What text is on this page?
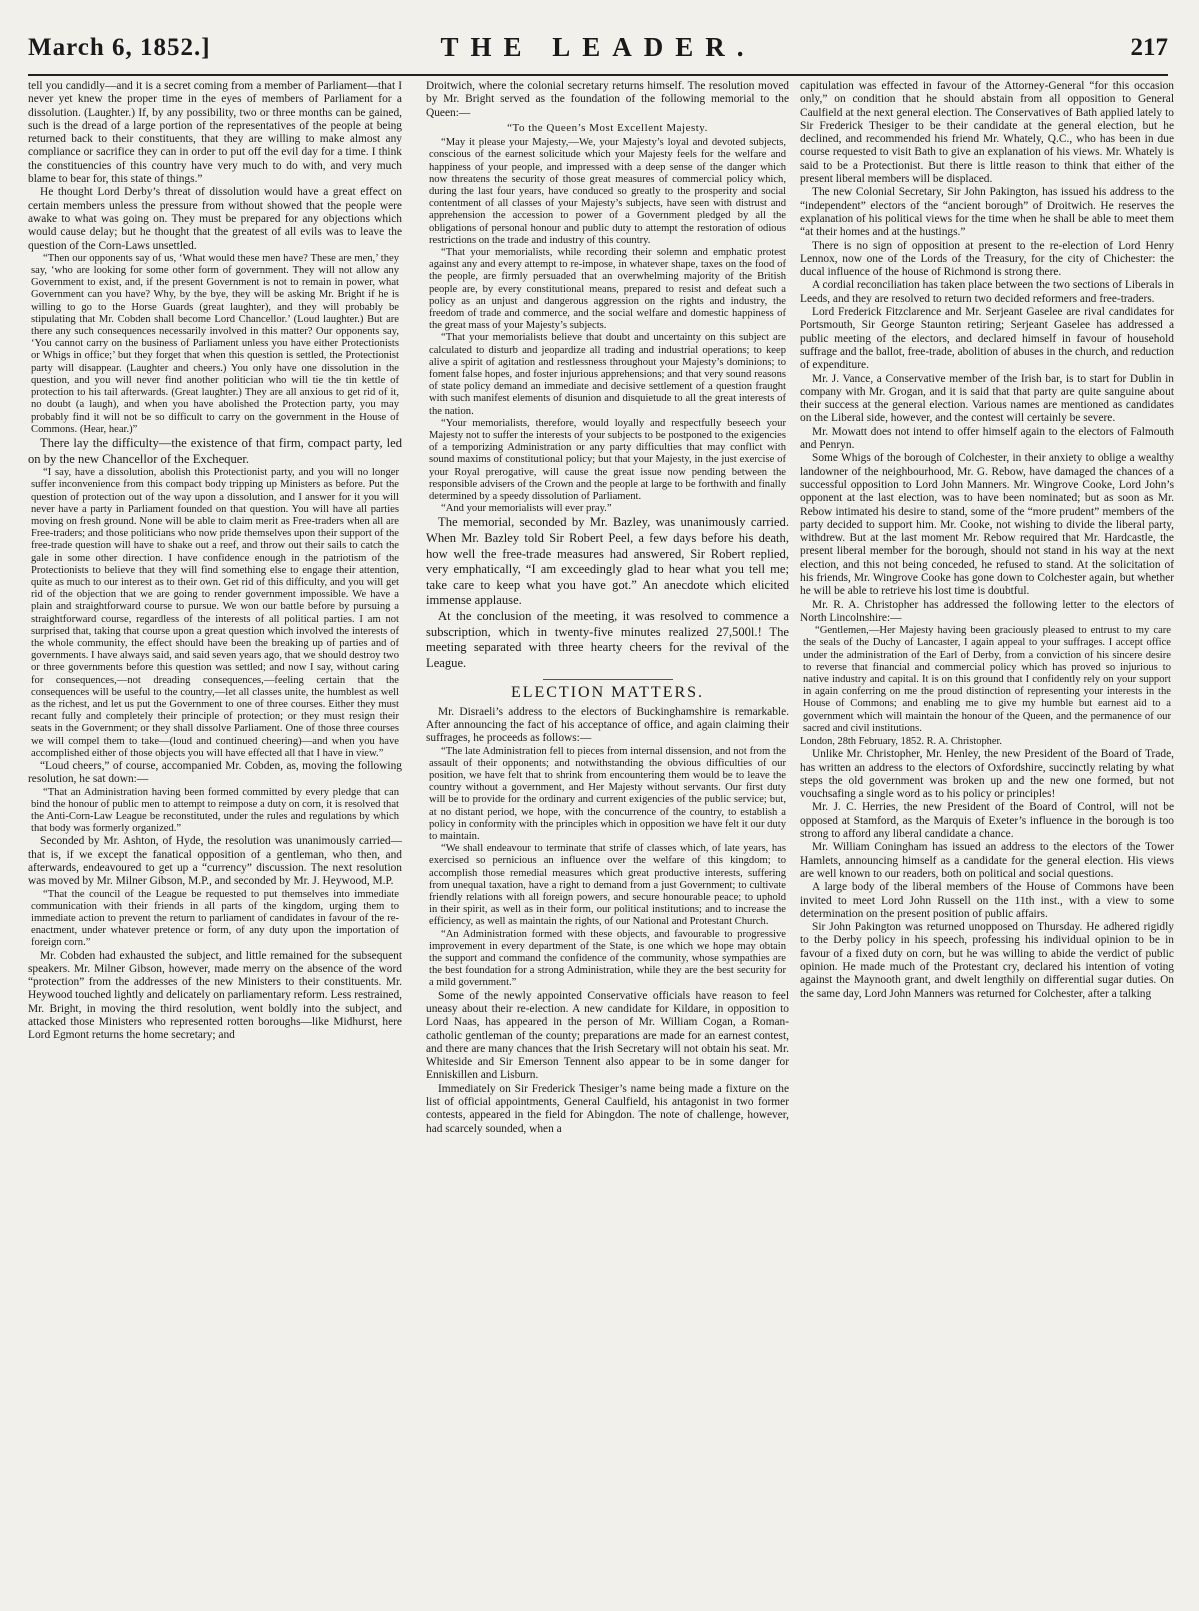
March 6, 1852.]	THE LEADER.	217

tell you candidly—and it is a secret coming from a member of Parliament—that I never yet knew the proper time in the eyes of members of Parliament for a dissolution. (Laughter.) If, by any possibility, two or three months can be gained, such is the dread of a large portion of the representatives of the people at being returned back to their constituents, that they are willing to make almost any compliance or sacrifice they can in order to put off the evil day for a time. I think the constituencies of this country have very much to do with, and very much blame to bear for, this state of things.”

He thought Lord Derby’s threat of dissolution would have a great effect on certain members unless the pressure from without showed that the people were awake to what was going on. They must be prepared for any objections which would cause delay; but he thought that the greatest of all evils was to leave the question of the Corn-Laws unsettled.

“Then our opponents say of us, ‘What would these men have? These are men,’ they say, ‘who are looking for some other form of government. They will not allow any Government to exist, and, if the present Government is not to remain in power, what Government can you have? Why, by the bye, they will be asking Mr. Bright if he is willing to go to the Horse Guards (great laughter), and they will probably be stipulating that Mr. Cobden shall become Lord Chancellor.’ (Loud laughter.) But are there any such consequences necessarily involved in this matter? Our opponents say, ‘You cannot carry on the business of Parliament unless you have either Protectionists or Whigs in office;’ but they forget that when this question is settled, the Protectionist party will disappear. (Laughter and cheers.) You only have one dissolution in the question, and you will never find another politician who will tie the tin kettle of protection to his tail afterwards. (Great laughter.) They are all anxious to get rid of it, no doubt (a laugh), and when you have abolished the Protection party, you may probably find it will not be so difficult to carry on the government in the House of Commons. (Hear, hear.)”

There lay the difficulty—the existence of that firm, compact party, led on by the new Chancellor of the Exchequer.

“I say, have a dissolution, abolish this Protectionist party, and you will no longer suffer inconvenience from this compact body tripping up Ministers as before. Put the question of protection out of the way upon a dissolution, and I answer for it you will never have a party in Parliament founded on that question. You will have all parties moving on fresh ground. None will be able to claim merit as Free-traders when all are Free-traders; and those politicians who now pride themselves upon their support of the free-trade question will have to shake out a reef, and throw out their sails to catch the gale in some other direction. I have confidence enough in the patriotism of the Protectionists to believe that they will find something else to engage their attention, quite as much to our interest as to their own. Get rid of this difficulty, and you will get rid of the objection that we are going to render government impossible. We have a plain and straightforward course to pursue. We won our battle before by pursuing a straightforward course, regardless of the interests of all political parties. I am not surprised that, taking that course upon a great question which involved the interests of the whole community, the effect should have been the breaking up of parties and of governments. I have always said, and said seven years ago, that we should destroy two or three governments before this question was settled; and now I say, without caring for consequences,—not dreading consequences,—feeling certain that the consequences will be useful to the country,—let all classes unite, the humblest as well as the richest, and let us put the Government to one of three courses. Either they must recant fully and completely their principle of protection; or they must resign their seats in the Government; or they shall dissolve Parliament. One of those three courses we will compel them to take—(loud and continued cheering)—and when you have accomplished either of those objects you will have effected all that I have in view.”

“Loud cheers,” of course, accompanied Mr. Cobden, as, moving the following resolution, he sat down:—

“That an Administration having been formed committed by every pledge that can bind the honour of public men to attempt to reimpose a duty on corn, it is resolved that the Anti-Corn-Law League be reconstituted, under the rules and regulations by which that body was formerly organized.”

Seconded by Mr. Ashton, of Hyde, the resolution was unanimously carried—that is, if we except the fanatical opposition of a gentleman, who then, and afterwards, endeavoured to get up a “currency” discussion. The next resolution was moved by Mr. Milner Gibson, M.P., and seconded by Mr. J. Heywood, M.P.

“That the council of the League be requested to put themselves into immediate communication with their friends in all parts of the kingdom, urging them to immediate action to prevent the return to parliament of candidates in favour of the re-enactment, under whatever pretence or form, of any duty upon the importation of foreign corn.”

Mr. Cobden had exhausted the subject, and little remained for the subsequent speakers. Mr. Milner Gibson, however, made merry on the absence of the word “protection” from the addresses of the new Ministers to their constituents. Mr. Heywood touched lightly and delicately on parliamentary reform. Less restrained, Mr. Bright, in moving the third resolution, went boldly into the subject, and attacked those Ministers who represented rotten boroughs—like Midhurst, here Lord Egmont returns the home secretary; and

Droitwich, where the colonial secretary returns himself. The resolution moved by Mr. Bright served as the foundation of the following memorial to the Queen:—

“To the Queen’s Most Excellent Majesty.

“May it please your Majesty,—We, your Majesty’s loyal and devoted subjects, conscious of the earnest solicitude which your Majesty feels for the welfare and happiness of your people, and impressed with a deep sense of the danger which now threatens the security of those great measures of commercial policy which, during the last four years, have conduced so greatly to the prosperity and social contentment of all classes of your Majesty’s subjects, have seen with distrust and apprehension the accession to power of a Government pledged by all the obligations of personal honour and public duty to attempt the restoration of odious restrictions on the trade and industry of this country.

“That your memorialists, while recording their solemn and emphatic protest against any and every attempt to re-impose, in whatever shape, taxes on the food of the people, are firmly persuaded that an overwhelming majority of the British people are, by every constitutional means, prepared to resist and defeat such a policy as an unjust and dangerous aggression on the rights and industry, the freedom of trade and commerce, and the social welfare and domestic happiness of the great mass of your Majesty’s subjects.

“That your memorialists believe that doubt and uncertainty on this subject are calculated to disturb and jeopardize all trading and industrial operations; to keep alive a spirit of agitation and restlessness throughout your Majesty’s dominions; to foment false hopes, and foster injurious apprehensions; and that very sound reasons of state policy demand an immediate and decisive settlement of a question fraught with such manifest elements of disunion and disquietude to all the great interests of the nation.

“Your memorialists, therefore, would loyally and respectfully beseech your Majesty not to suffer the interests of your subjects to be postponed to the exigencies of a temporizing Administration or any party difficulties that may conflict with sound maxims of constitutional policy; but that your Majesty, in the just exercise of your Royal prerogative, will cause the great issue now pending between the responsible advisers of the Crown and the people at large to be forthwith and finally determined by a speedy dissolution of Parliament.

“And your memorialists will ever pray.”

The memorial, seconded by Mr. Bazley, was unanimously carried. When Mr. Bazley told Sir Robert Peel, a few days before his death, how well the free-trade measures had answered, Sir Robert replied, very emphatically, “I am exceedingly glad to hear what you tell me; take care to keep what you have got.” An anecdote which elicited immense applause.

At the conclusion of the meeting, it was resolved to commence a subscription, which in twenty-five minutes realized 27,500l.! The meeting separated with three hearty cheers for the revival of the League.

ELECTION MATTERS.

Mr. Disraeli’s address to the electors of Buckinghamshire is remarkable. After announcing the fact of his acceptance of office, and again claiming their suffrages, he proceeds as follows:—

“The late Administration fell to pieces from internal dissension, and not from the assault of their opponents; and notwithstanding the obvious difficulties of our position, we have felt that to shrink from encountering them would be to leave the country without a government, and Her Majesty without servants. Our first duty will be to provide for the ordinary and current exigencies of the public service; but, at no distant period, we hope, with the concurrence of the country, to establish a policy in conformity with the principles which in opposition we have felt it our duty to maintain.

“We shall endeavour to terminate that strife of classes which, of late years, has exercised so pernicious an influence over the welfare of this kingdom; to accomplish those remedial measures which great productive interests, suffering from unequal taxation, have a right to demand from a just Government; to cultivate friendly relations with all foreign powers, and secure honourable peace; to uphold in their spirit, as well as in their form, our political institutions; and to increase the efficiency, as well as maintain the rights, of our National and Protestant Church.

“An Administration formed with these objects, and favourable to progressive improvement in every department of the State, is one which we hope may obtain the support and command the confidence of the community, whose sympathies are the best foundation for a strong Administration, while they are the best security for a mild government.”

Some of the newly appointed Conservative officials have reason to feel uneasy about their re-election. A new candidate for Kildare, in opposition to Lord Naas, has appeared in the person of Mr. William Cogan, a Roman-catholic gentleman of the county; preparations are made for an earnest contest, and there are many chances that the Irish Secretary will not obtain his seat. Mr. Whiteside and Sir Emerson Tennent also appear to be in some danger for Enniskillen and Lisburn.

Immediately on Sir Frederick Thesiger’s name being made a fixture on the list of official appointments, General Caulfield, his antagonist in two former contests, appeared in the field for Abingdon. The note of challenge, however, had scarcely sounded, when a

capitulation was effected in favour of the Attorney-General “for this occasion only,” on condition that he should abstain from all opposition to General Caulfield at the next general election. The Conservatives of Bath applied lately to Sir Frederick Thesiger to be their candidate at the general election, but he declined, and recommended his friend Mr. Whately, Q.C., who has been in due course requested to visit Bath to give an explanation of his views. Mr. Whately is said to be a Protectionist. But there is little reason to think that either of the present liberal members will be displaced.

The new Colonial Secretary, Sir John Pakington, has issued his address to the “independent” electors of the “ancient borough” of Droitwich. He reserves the explanation of his political views for the time when he shall be able to meet them “at their homes and at the hustings.”

There is no sign of opposition at present to the re-election of Lord Henry Lennox, now one of the Lords of the Treasury, for the city of Chichester: the ducal influence of the house of Richmond is strong there.

A cordial reconciliation has taken place between the two sections of Liberals in Leeds, and they are resolved to return two decided reformers and free-traders.

Lord Frederick Fitzclarence and Mr. Serjeant Gaselee are rival candidates for Portsmouth, Sir George Staunton retiring; Serjeant Gaselee has addressed a public meeting of the electors, and declared himself in favour of household suffrage and the ballot, free-trade, abolition of abuses in the church, and reduction of expenditure.

Mr. J. Vance, a Conservative member of the Irish bar, is to start for Dublin in company with Mr. Grogan, and it is said that that party are quite sanguine about their success at the general election. Various names are mentioned as candidates on the Liberal side, however, and the contest will certainly be severe.

Mr. Mowatt does not intend to offer himself again to the electors of Falmouth and Penryn.

Some Whigs of the borough of Colchester, in their anxiety to oblige a wealthy landowner of the neighbourhood, Mr. G. Rebow, have damaged the chances of a successful opposition to Lord John Manners. Mr. Wingrove Cooke, Lord John’s opponent at the last election, was to have been nominated; but as soon as Mr. Rebow intimated his desire to stand, some of the “more prudent” members of the party decided to support him. Mr. Cooke, not wishing to divide the liberal party, withdrew. But at the last moment Mr. Rebow required that Mr. Hardcastle, the present liberal member for the borough, should not stand in his way at the next election, and this not being conceded, he refused to stand. At the solicitation of his friends, Mr. Wingrove Cooke has gone down to Colchester again, but whether he will be able to retrieve his lost time is doubtful.

Mr. R. A. Christopher has addressed the following letter to the electors of North Lincolnshire:—

“Gentlemen,—Her Majesty having been graciously pleased to entrust to my care the seals of the Duchy of Lancaster, I again appeal to your suffrages. I accept office under the administration of the Earl of Derby, from a conviction of his sincere desire to reverse that financial and commercial policy which has proved so injurious to native industry and capital. It is on this ground that I confidently rely on your support in again conferring on me the proud distinction of representing your interests in the House of Commons; and enabling me to give my humble but earnest aid to a government which will maintain the honour of the Queen, and the permanence of our sacred and civil institutions.

London, 28th February, 1852. R. A. Christopher.

Unlike Mr. Christopher, Mr. Henley, the new President of the Board of Trade, has written an address to the electors of Oxfordshire, succinctly relating by what steps the old government was broken up and the new one formed, but not vouchsafing a single word as to his policy or principles!

Mr. J. C. Herries, the new President of the Board of Control, will not be opposed at Stamford, as the Marquis of Exeter’s influence in the borough is too strong to afford any liberal candidate a chance.

Mr. William Coningham has issued an address to the electors of the Tower Hamlets, announcing himself as a candidate for the general election. His views are well known to our readers, both on political and social questions.

A large body of the liberal members of the House of Commons have been invited to meet Lord John Russell on the 11th inst., with a view to some determination on the present position of public affairs.

Sir John Pakington was returned unopposed on Thursday. He adhered rigidly to the Derby policy in his speech, professing his individual opinion to be in favour of a fixed duty on corn, but he was willing to abide the verdict of public opinion. He made much of the Protestant cry, declared his intention of voting against the Maynooth grant, and dwelt lengthily on differential sugar duties. On the same day, Lord John Manners was returned for Colchester, after a talking
